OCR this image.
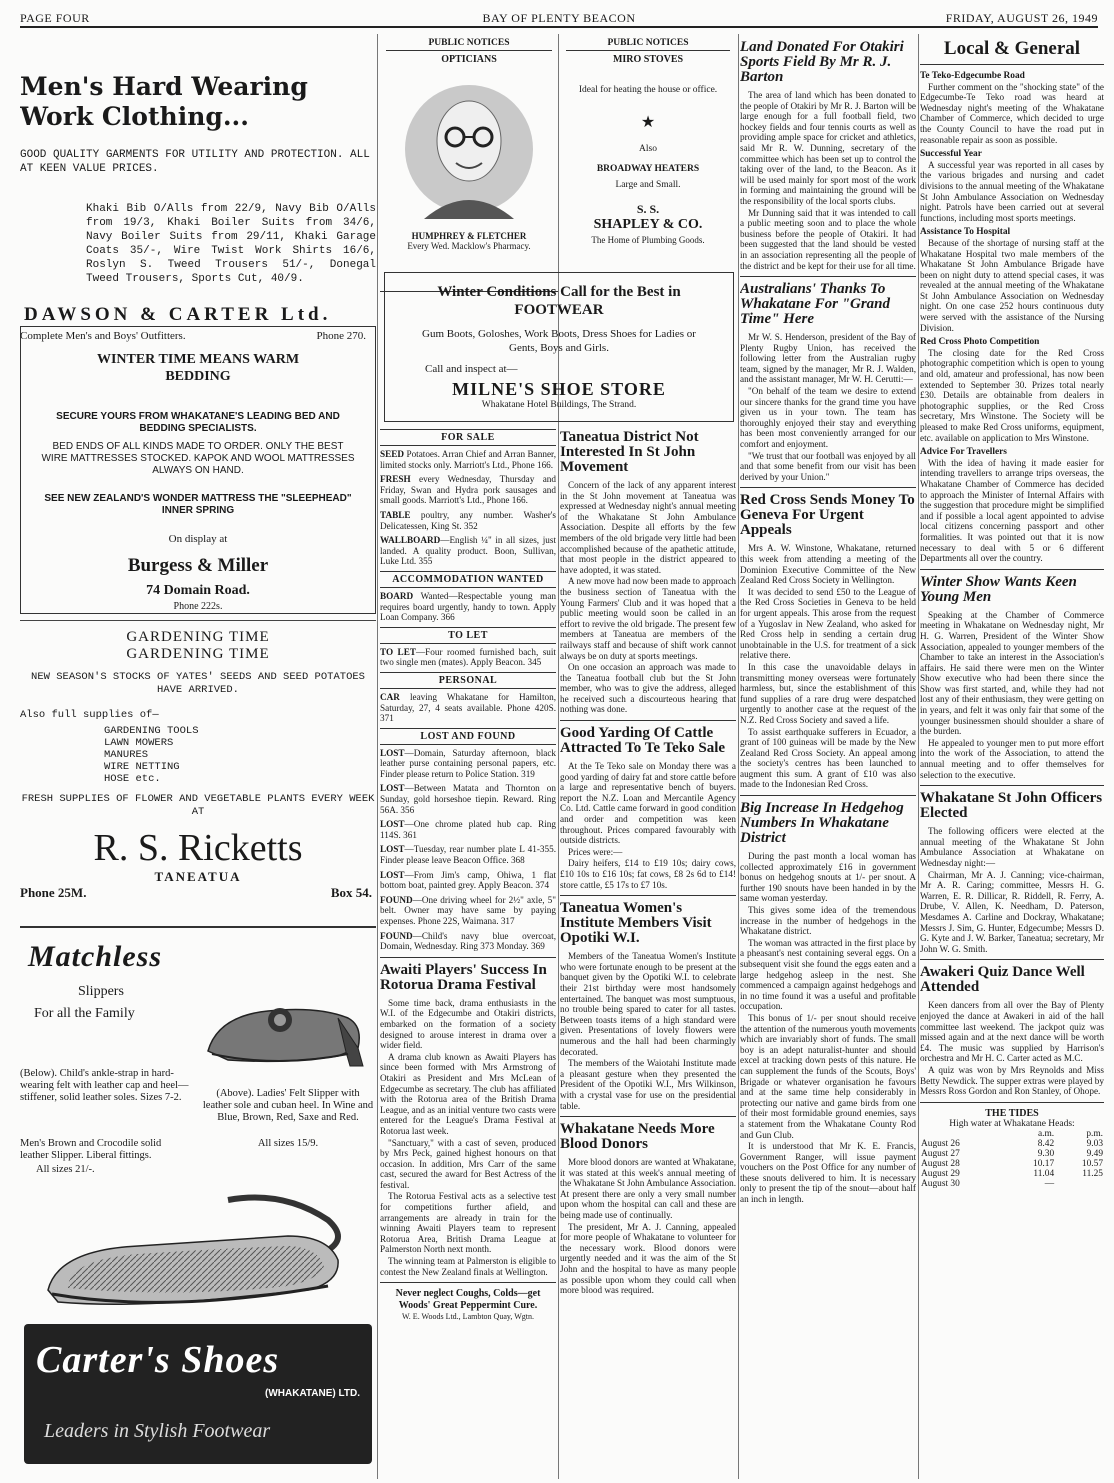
PAGE FOUR	BAY OF PLENTY BEACON	FRIDAY, AUGUST 26, 1949
Men's Hard Wearing Work Clothing...
GOOD QUALITY GARMENTS FOR UTILITY AND PROTECTION. ALL AT KEEN VALUE PRICES.
Khaki Bib O/Alls from 22/9, Navy Bib O/Alls from 19/3, Khaki Boiler Suits from 34/6, Navy Boiler Suits from 29/11, Khaki Garage Coats 35/-, Wire Twist Work Shirts 16/6, Roslyn S. Tweed Trousers 51/-, Donegal Tweed Trousers, Sports Cut, 40/9.
DAWSON & CARTER Ltd.
Complete Men's and Boys' Outfitters.	Phone 270.
WINTER TIME MEANS WARM BEDDING
SECURE YOURS FROM WHAKATANE'S LEADING BED AND BEDDING SPECIALISTS.
BED ENDS OF ALL KINDS MADE TO ORDER. ONLY THE BEST WIRE MATTRESSES STOCKED. KAPOK AND WOOL MATTRESSES ALWAYS ON HAND.
SEE NEW ZEALAND'S WONDER MATTRESS THE "SLEEPHEAD" INNER SPRING
On display at
Burgess & Miller
74 Domain Road.
Phone 222s.
GARDENING TIME
GARDENING TIME
NEW SEASON'S STOCKS OF YATES' SEEDS AND SEED POTATOES HAVE ARRIVED.
Also full supplies of—
GARDENING TOOLS
LAWN MOWERS
MANURES
WIRE NETTING
HOSE etc.
FRESH SUPPLIES OF FLOWER AND VEGETABLE PLANTS EVERY WEEK AT
R. S. Ricketts
TANEATUA
Phone 25M.	Box 54.
Matchless
Slippers
For all the Family
(Below). Child's ankle-strap in hard-wearing felt with leather cap and heel—stiffener, solid leather soles. Sizes 7-2.	(Above). Ladies' Felt Slipper with leather sole and cuban heel. In Wine and Blue, Brown, Red, Saxe and Red.
All sizes 15/9.
Men's Brown and Crocodile solid leather Slipper. Liberal fittings.
All sizes 21/-.
Carter's Shoes
(WHAKATANE) LTD.
Leaders in Stylish Footwear
PUBLIC NOTICES
OPTICIANS
HUMPHREY & FLETCHER
Every Wed. Macklow's Pharmacy.
Winter Conditions Call for the Best in FOOTWEAR
Gum Boots, Goloshes, Work Boots, Dress Shoes for Ladies or Gents, Boys and Girls.
Call and inspect at—
MILNE'S SHOE STORE
Whakatane Hotel Buildings, The Strand.
FOR SALE
SEED Potatoes. Arran Chief and Arran Banner, limited stocks only. Marriott's Ltd., Phone 166.
FRESH every Wednesday, Thursday and Friday, Swan and Hydra pork sausages and small goods. Marriott's Ltd., Phone 166.
TABLE poultry, any number. Washer's Delicatessen, King St. 352
WALLBOARD—English ¼" in all sizes, just landed. A quality product. Boon, Sullivan, Luke Ltd. 355
ACCOMMODATION WANTED
BOARD Wanted—Respectable young man requires board urgently, handy to town. Apply Loan Company. 366
TO LET
TO LET—Four roomed furnished bach, suit two single men (mates). Apply Beacon. 345
PERSONAL
CAR leaving Whakatane for Hamilton, Saturday, 27, 4 seats available. Phone 420S. 371
LOST AND FOUND
LOST—Domain, Saturday afternoon, black leather purse containing personal papers, etc. Finder please return to Police Station. 319
LOST—Between Matata and Thornton on Sunday, gold horseshoe tiepin. Reward. Ring 56A. 356
LOST—One chrome plated hub cap. Ring 114S. 361
LOST—Tuesday, rear number plate L 41-355. Finder please leave Beacon Office. 368
LOST—From Jim's camp, Ohiwa, 1 flat bottom boat, painted grey. Apply Beacon. 374
FOUND—One driving wheel for 2½" axle, 5" belt. Owner may have same by paying expenses. Phone 22S, Waimana. 317
FOUND—Child's navy blue overcoat, Domain, Wednesday. Ring 373 Monday. 369
Awaiti Players' Success In Rotorua Drama Festival

Some time back, drama enthusiasts in the W.I. of the Edgecumbe and Otakiri districts, embarked on the formation of a society designed to arouse interest in drama over a wider field.

A drama club known as Awaiti Players has since been formed with Mrs Armstrong of Otakiri as President and Mrs McLean of Edgecumbe as secretary. The club has affiliated with the Rotorua area of the British Drama League, and as an initial venture two casts were entered for the League's Drama Festival at Rotorua last week.

"Sanctuary," with a cast of seven, produced by Mrs Peck, gained highest honours on that occasion. In addition, Mrs Carr of the same cast, secured the award for Best Actress of the festival.

The Rotorua Festival acts as a selective test for competitions further afield, and arrangements are already in train for the winning Awaiti Players team to represent Rotorua Area, British Drama League at Palmerston North next month.

The winning team at Palmerston is eligible to contest the New Zealand finals at Wellington.

Never neglect Coughs, Colds—get Woods' Great Peppermint Cure.
W. E. Woods Ltd., Lambton Quay, Wgtn.
PUBLIC NOTICES
MIRO STOVES
Ideal for heating the house or office.
★
Also
BROADWAY HEATERS
Large and Small.
S. S.
SHAPLEY & CO.
The Home of Plumbing Goods.
Taneatua District Not Interested In St John Movement

Concern of the lack of any apparent interest in the St John movement at Taneatua was expressed at Wednesday night's annual meeting of the Whakatane St John Ambulance Association. Despite all efforts by the few members of the old brigade very little had been accomplished because of the apathetic attitude, that most people in the district appeared to have adopted, it was stated.

A new move had now been made to approach the business section of Taneatua with the Young Farmers' Club and it was hoped that a public meeting would soon be called in an effort to revive the old brigade. The present few members at Taneatua are members of the railways staff and because of shift work cannot always be on duty at sports meetings.

On one occasion an approach was made to the Taneatua football club but the St John member, who was to give the address, alleged he received such a discourteous hearing that nothing was done.

Good Yarding Of Cattle Attracted To Te Teko Sale

At the Te Teko sale on Monday there was a good yarding of dairy fat and store cattle before a large and representative bench of buyers. report the N.Z. Loan and Mercantile Agency Co. Ltd. Cattle came forward in good condition and order and competition was keen throughout. Prices compared favourably with outside districts.

Prices were:—

Dairy heifers, £14 to £19 10s; dairy cows, £10 10s to £16 10s; fat cows, £8 2s 6d to £14! store cattle, £5 17s to £7 10s.

Taneatua Women's Institute Members Visit Opotiki W.I.

Members of the Taneatua Women's Institute who were fortunate enough to be present at the banquet given by the Opotiki W.I. to celebrate their 21st birthday were most handsomely entertained. The banquet was most sumptuous, no trouble being spared to cater for all tastes. Between toasts items of a high standard were given. Presentations of lovely flowers were numerous and the hall had been charmingly decorated.

The members of the Waiotahi Institute made a pleasant gesture when they presented the President of the Opotiki W.I., Mrs Wilkinson, with a crystal vase for use on the presidential table.

Whakatane Needs More Blood Donors

More blood donors are wanted at Whakatane, it was stated at this week's annual meeting of the Whakatane St John Ambulance Association. At present there are only a very small number upon whom the hospital can call and these are being made use of continually.

The president, Mr A. J. Canning, appealed for more people of Whakatane to volunteer for the necessary work. Blood donors were urgently needed and it was the aim of the St John and the hospital to have as many people as possible upon whom they could call when more blood was required.

Land Donated For Otakiri Sports Field By Mr R. J. Barton

The area of land which has been donated to the people of Otakiri by Mr R. J. Barton will be large enough for a full football field, two hockey fields and four tennis courts as well as providing ample space for cricket and athletics, said Mr R. W. Dunning, secretary of the committee which has been set up to control the taking over of the land, to the Beacon. As it will be used mainly for sport most of the work in forming and maintaining the ground will be the responsibility of the local sports clubs.

Mr Dunning said that it was intended to call a public meeting soon and to place the whole business before the people of Otakiri. It had been suggested that the land should be vested in an association representing all the people of the district and be kept for their use for all time.

Australians' Thanks To Whakatane For "Grand Time" Here

Mr W. S. Henderson, president of the Bay of Plenty Rugby Union, has received the following letter from the Australian rugby team, signed by the manager, Mr R. J. Walden, and the assistant manager, Mr W. H. Cerutti:—

"On behalf of the team we desire to extend our sincere thanks for the grand time you have given us in your town. The team has thoroughly enjoyed their stay and everything has been most conveniently arranged for our comfort and enjoyment.

"We trust that our football was enjoyed by all and that some benefit from our visit has been derived by your Union."

Red Cross Sends Money To Geneva For Urgent Appeals

Mrs A. W. Winstone, Whakatane, returned this week from attending a meeting of the Dominion Executive Committee of the New Zealand Red Cross Society in Wellington.

It was decided to send £50 to the League of the Red Cross Societies in Geneva to be held for urgent appeals. This arose from the request of a Yugoslav in New Zealand, who asked for Red Cross help in sending a certain drug unobtainable in the U.S. for treatment of a sick relative there.

In this case the unavoidable delays in transmitting money overseas were fortunately harmless, but, since the establishment of this fund supplies of a rare drug were despatched urgently to another case at the request of the N.Z. Red Cross Society and saved a life.

To assist earthquake sufferers in Ecuador, a grant of 100 guineas will be made by the New Zealand Red Cross Society. An appeal among the society's centres has been launched to augment this sum. A grant of £10 was also made to the Indonesian Red Cross.

Big Increase In Hedgehog Numbers In Whakatane District

During the past month a local woman has collected approximately £16 in government bonus on hedgehog snouts at 1/- per snout. A further 190 snouts have been handed in by the same woman yesterday.

This gives some idea of the tremendous increase in the number of hedgehogs in the Whakatane district.

The woman was attracted in the first place by a pheasant's nest containing several eggs. On a subsequent visit she found the eggs eaten and a large hedgehog asleep in the nest. She commenced a campaign against hedgehogs and in no time found it was a useful and profitable occupation.

This bonus of 1/- per snout should receive the attention of the numerous youth movements which are invariably short of funds. The small boy is an adept naturalist-hunter and should excel at tracking down pests of this nature. He can supplement the funds of the Scouts, Boys' Brigade or whatever organisation he favours and at the same time help considerably in protecting our native and game birds from one of their most formidable ground enemies, says a statement from the Whakatane County Rod and Gun Club.

It is understood that Mr K. E. Francis, Government Ranger, will issue payment vouchers on the Post Office for any number of these snouts delivered to him. It is necessary only to present the tip of the snout—about half an inch in length.

Local & General
Te Teko-Edgecumbe Road

Further comment on the "shocking state" of the Edgecumbe-Te Teko road was heard at Wednesday night's meeting of the Whakatane Chamber of Commerce, which decided to urge the County Council to have the road put in reasonable repair as soon as possible.

Successful Year

A successful year was reported in all cases by the various brigades and nursing and cadet divisions to the annual meeting of the Whakatane St John Ambulance Association on Wednesday night. Patrols have been carried out at several functions, including most sports meetings.

Assistance To Hospital

Because of the shortage of nursing staff at the Whakatane Hospital two male members of the Whakatane St John Ambulance Brigade have been on night duty to attend special cases, it was revealed at the annual meeting of the Whakatane St John Ambulance Association on Wednesday night. On one case 252 hours continuous duty were served with the assistance of the Nursing Division.

Red Cross Photo Competition

The closing date for the Red Cross photographic competition which is open to young and old, amateur and professional, has now been extended to September 30. Prizes total nearly £30. Details are obtainable from dealers in photographic supplies, or the Red Cross secretary, Mrs Winstone. The Society will be pleased to make Red Cross uniforms, equipment, etc. available on application to Mrs Winstone.

Advice For Travellers

With the idea of having it made easier for intending travellers to arrange trips overseas, the Whakatane Chamber of Commerce has decided to approach the Minister of Internal Affairs with the suggestion that procedure might be simplified and if possible a local agent appointed to advise local citizens concerning passport and other formalities. It was pointed out that it is now necessary to deal with 5 or 6 different Departments all over the country.

Winter Show Wants Keen Young Men

Speaking at the Chamber of Commerce meeting in Whakatane on Wednesday night, Mr H. G. Warren, President of the Winter Show Association, appealed to younger members of the Chamber to take an interest in the Association's affairs. He said there were men on the Winter Show executive who had been there since the Show was first started, and, while they had not lost any of their enthusiasm, they were getting on in years, and felt it was only fair that some of the younger businessmen should shoulder a share of the burden.

He appealed to younger men to put more effort into the work of the Association, to attend the annual meeting and to offer themselves for selection to the executive.

Whakatane St John Officers Elected

The following officers were elected at the annual meeting of the Whakatane St John Ambulance Association at Whakatane on Wednesday night:—

Chairman, Mr A. J. Canning; vice-chairman, Mr A. R. Caring; committee, Messrs H. G. Warren, E. R. Dillicar, R. Riddell, R. Ferry, A. Drube, V. Allen, K. Needham, D. Paterson, Mesdames A. Carline and Dockray, Whakatane; Messrs J. Sim, G. Hunter, Edgecumbe; Messrs D. G. Kyte and J. W. Barker, Taneatua; secretary, Mr John W. G. Smith.

Awakeri Quiz Dance Well Attended

Keen dancers from all over the Bay of Plenty enjoyed the dance at Awakeri in aid of the hall committee last weekend. The jackpot quiz was missed again and at the next dance will be worth £4. The music was supplied by Harrison's orchestra and Mr H. C. Carter acted as M.C.

A quiz was won by Mrs Reynolds and Miss Betty Newdick. The supper extras were played by Messrs Ross Gordon and Ron Stanley, of Ohope.

THE TIDES
High water at Whakatane Heads:
	a.m.	p.m.
August 26	8.42	9.03
August 27	9.30	9.49
August 28	10.17	10.57
August 29	11.04	11.25
August 30	—	
